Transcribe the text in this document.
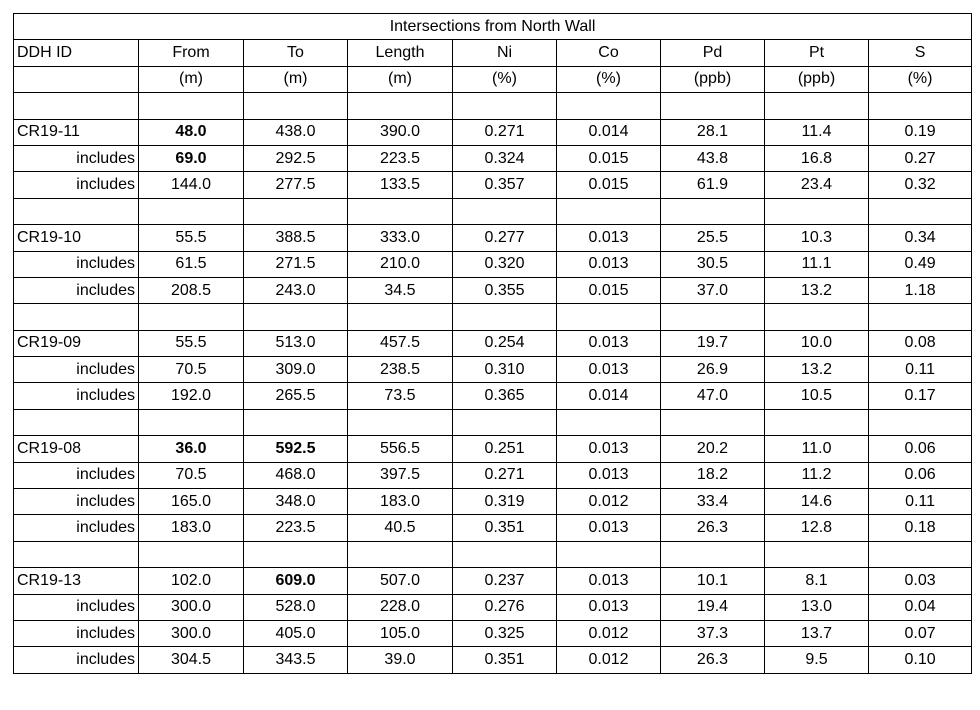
Intersections from North Wall								
DDH ID	From	To	Length	Ni	Co	Pd	Pt	S
	(m)	(m)	(m)	(%)	(%)	(ppb)	(ppb)	(%)

CR19-11	48.0	438.0	390.0	0.271	0.014	28.1	11.4	0.19
includes	69.0	292.5	223.5	0.324	0.015	43.8	16.8	0.27
includes	144.0	277.5	133.5	0.357	0.015	61.9	23.4	0.32

CR19-10	55.5	388.5	333.0	0.277	0.013	25.5	10.3	0.34
includes	61.5	271.5	210.0	0.320	0.013	30.5	11.1	0.49
includes	208.5	243.0	34.5	0.355	0.015	37.0	13.2	1.18

CR19-09	55.5	513.0	457.5	0.254	0.013	19.7	10.0	0.08
includes	70.5	309.0	238.5	0.310	0.013	26.9	13.2	0.11
includes	192.0	265.5	73.5	0.365	0.014	47.0	10.5	0.17

CR19-08	36.0	592.5	556.5	0.251	0.013	20.2	11.0	0.06
includes	70.5	468.0	397.5	0.271	0.013	18.2	11.2	0.06
includes	165.0	348.0	183.0	0.319	0.012	33.4	14.6	0.11
includes	183.0	223.5	40.5	0.351	0.013	26.3	12.8	0.18

CR19-13	102.0	609.0	507.0	0.237	0.013	10.1	8.1	0.03
includes	300.0	528.0	228.0	0.276	0.013	19.4	13.0	0.04
includes	300.0	405.0	105.0	0.325	0.012	37.3	13.7	0.07
includes	304.5	343.5	39.0	0.351	0.012	26.3	9.5	0.10
